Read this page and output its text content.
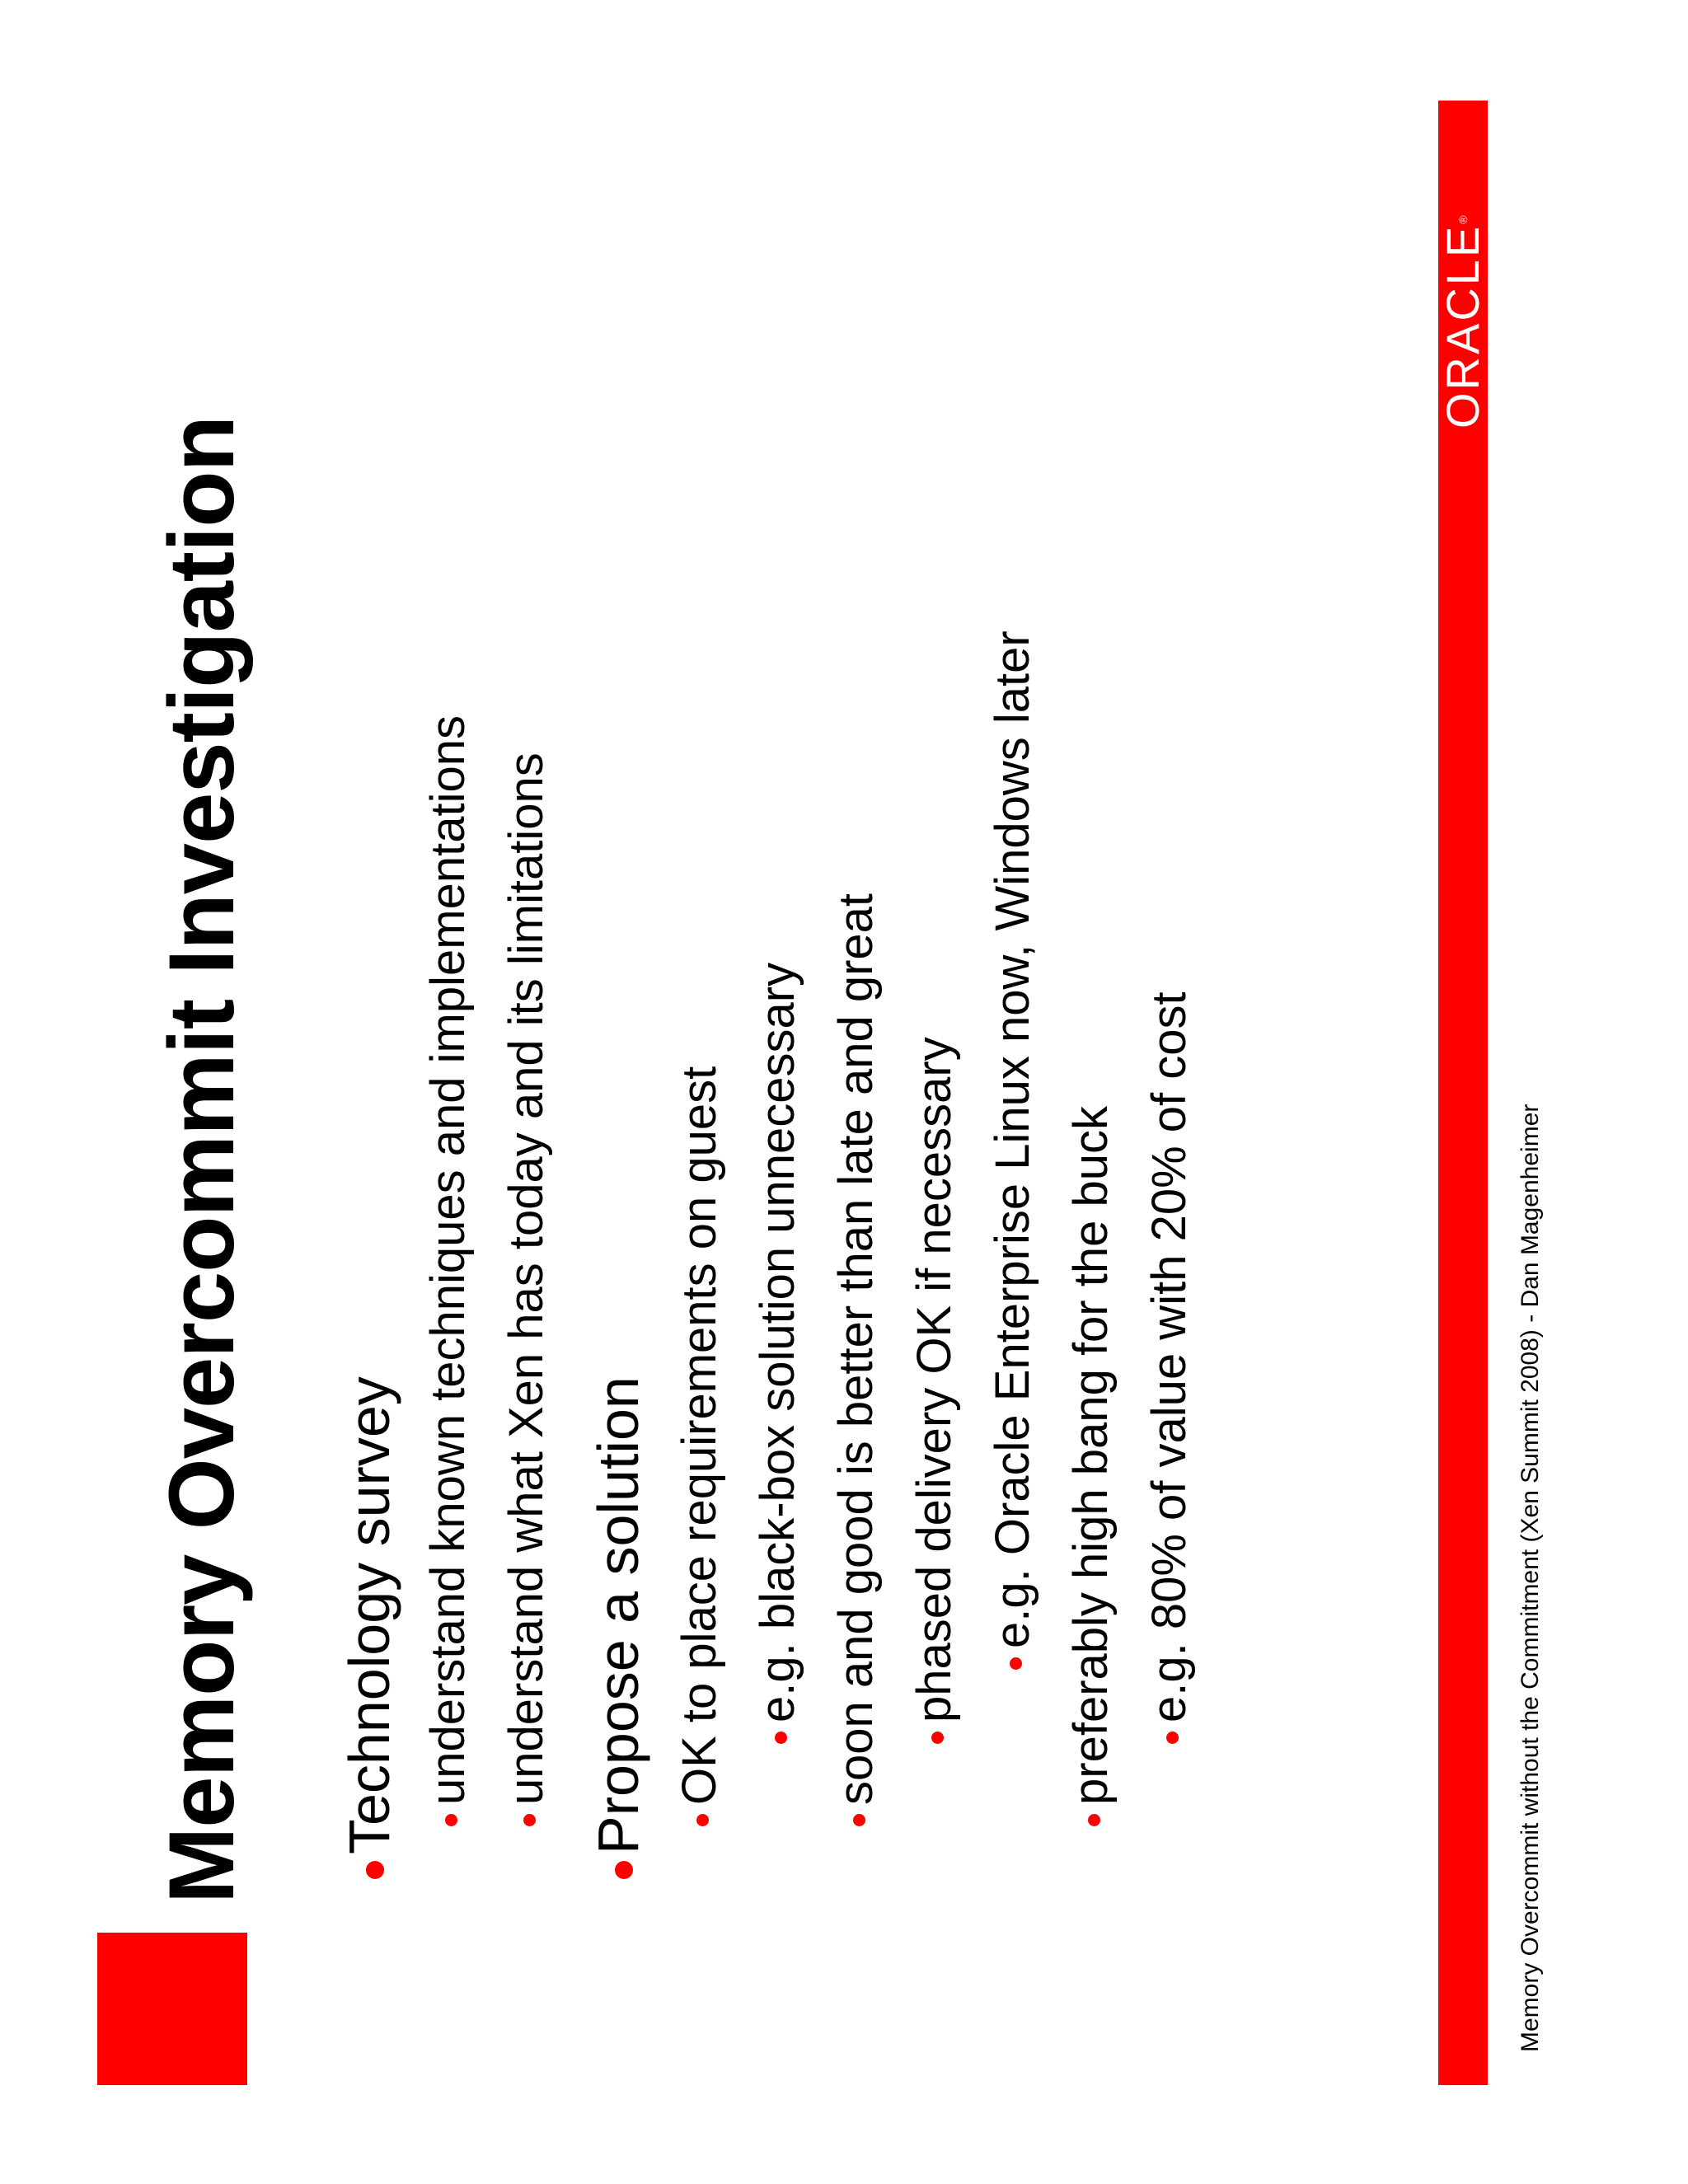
Memory Overcommit Investigation Technology survey understand known techniques and implementations understand what Xen has today and its limitations Propose a solution OK to place requirements on guest e.g. black-box solution unnecessary soon and good is better than late and great phased delivery OK if necessary e.g. Oracle Enterprise Linux now, Windows later preferably high bang for the buck e.g. 80% of value with 20% of cost
ORACLE®
Memory Overcommit without the Commitment (Xen Summit 2008) - Dan Magenheimer
